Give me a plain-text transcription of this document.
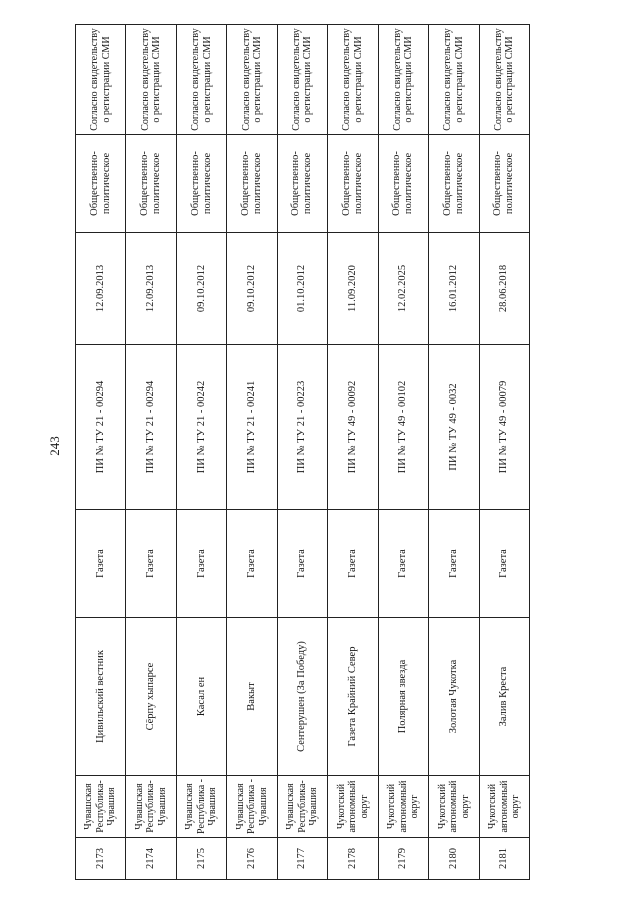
243
2173	Чувашская Республика-Чувашия	Цивильский вестник	Газета	ПИ № ТУ 21 - 00294	12.09.2013	Общественно-политическое	Согласно свидетельству о регистрации СМИ
2174	Чувашская Республика-Чувашия	Сëрпу хыпарсе	Газета	ПИ № ТУ 21 - 00294	12.09.2013	Общественно-политическое	Согласно свидетельству о регистрации СМИ
2175	Чувашская Республика - Чувашия	Касал ен	Газета	ПИ № ТУ 21 - 00242	09.10.2012	Общественно-политическое	Согласно свидетельству о регистрации СМИ
2176	Чувашская Республика - Чувашия	Вакыт	Газета	ПИ № ТУ 21 - 00241	09.10.2012	Общественно-политическое	Согласно свидетельству о регистрации СМИ
2177	Чувашская Республика-Чувашия	Сентерушен (За Победу)	Газета	ПИ № ТУ 21 - 00223	01.10.2012	Общественно-политическое	Согласно свидетельству о регистрации СМИ
2178	Чукотский автономный округ	Газета Крайний Север	Газета	ПИ № ТУ 49 - 00092	11.09.2020	Общественно-политическое	Согласно свидетельству о регистрации СМИ
2179	Чукотский автономный округ	Полярная звезда	Газета	ПИ № ТУ 49 - 00102	12.02.2025	Общественно-политическое	Согласно свидетельству о регистрации СМИ
2180	Чукотский автономный округ	Золотая Чукотка	Газета	ПИ № ТУ 49 - 0032	16.01.2012	Общественно-политическое	Согласно свидетельству о регистрации СМИ
2181	Чукотский автономный округ	Залив Креста	Газета	ПИ № ТУ 49 - 00079	28.06.2018	Общественно-политическое	Согласно свидетельству о регистрации СМИ
